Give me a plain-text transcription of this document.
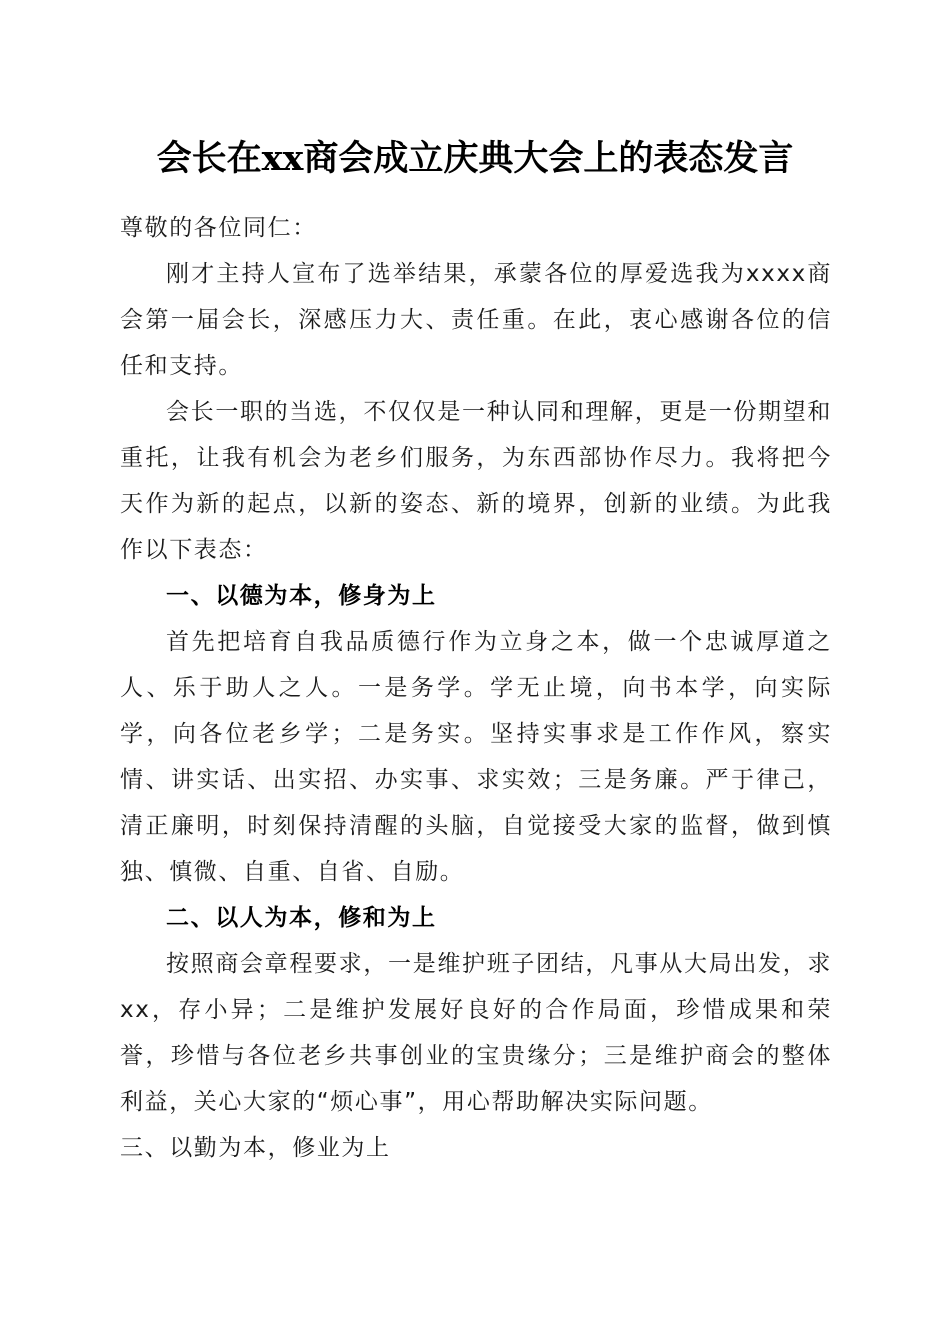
会长在xx商会成立庆典大会上的表态发言

尊敬的各位同仁：

刚才主持人宣布了选举结果，承蒙各位的厚爱选我为xxxx商会第一届会长，深感压力大、责任重。在此，衷心感谢各位的信任和支持。

会长一职的当选，不仅仅是一种认同和理解，更是一份期望和重托，让我有机会为老乡们服务，为东西部协作尽力。我将把今天作为新的起点，以新的姿态、新的境界，创新的业绩。为此我作以下表态：

一、以德为本，修身为上

首先把培育自我品质德行作为立身之本，做一个忠诚厚道之人、乐于助人之人。一是务学。学无止境，向书本学，向实际学，向各位老乡学；二是务实。坚持实事求是工作作风，察实情、讲实话、出实招、办实事、求实效；三是务廉。严于律己，清正廉明，时刻保持清醒的头脑，自觉接受大家的监督，做到慎独、慎微、自重、自省、自励。

二、以人为本，修和为上

按照商会章程要求，一是维护班子团结，凡事从大局出发，求xx，存小异；二是维护发展好良好的合作局面，珍惜成果和荣誉，珍惜与各位老乡共事创业的宝贵缘分；三是维护商会的整体利益，关心大家的“烦心事”，用心帮助解决实际问题。

三、以勤为本，修业为上
